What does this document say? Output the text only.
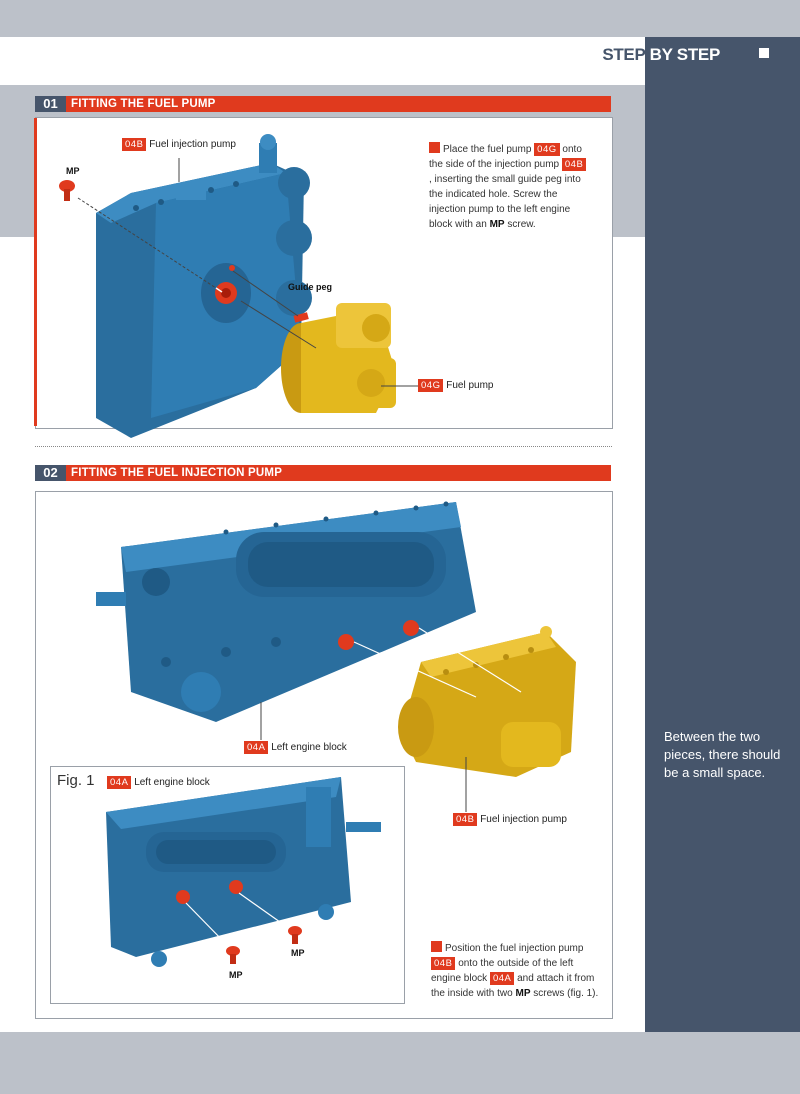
STEP BY STEP
01	FITTING THE FUEL PUMP
04B Fuel injection pump
MP
Guide peg
04G Fuel pump
Place the fuel pump 04G onto the side of the injection pump 04B, inserting the small guide peg into the indicated hole. Screw the injection pump to the left engine block with an MP screw.
02	FITTING THE FUEL INJECTION PUMP
04A Left engine block
04B Fuel injection pump
Fig. 1	04A Left engine block
MP
MP	Position the fuel injection pump 04B onto the outside of the left engine block 04A and attach it from the inside with two MP screws (fig. 1).
Between the two pieces, there should be a small space.
